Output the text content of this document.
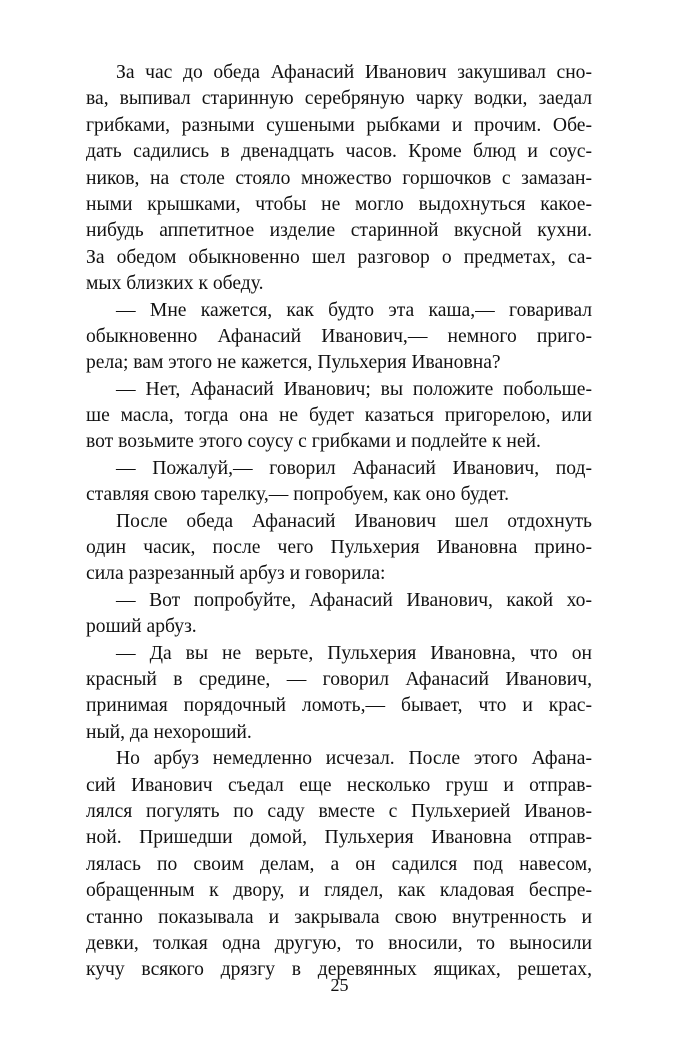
За час до обеда Афанасий Иванович закушивал сно-
ва, выпивал старинную серебряную чарку водки, заедал
грибками, разными сушеными рыбками и прочим. Обе-
дать садились в двенадцать часов. Кроме блюд и соус-
ников, на столе стояло множество горшочков с замазан-
ными крышками, чтобы не могло выдохнуться какое-
нибудь аппетитное изделие старинной вкусной кухни.
За обедом обыкновенно шел разговор о предметах, са-
мых близких к обеду.
— Мне кажется, как будто эта каша,— говаривал
обыкновенно Афанасий Иванович,— немного пригo-
рела; вам этого не кажется, Пульхерия Ивановна?
— Нет, Афанасий Иванович; вы положите побольше-
ше масла, тогда она не будет казаться пригорелою, или
вот возьмите этого соусу с грибками и подлейте к ней.
— Пожалуй,— говорил Афанасий Иванович, под-
ставляя свою тарелку,— попробуем, как оно будет.
После обеда Афанасий Иванович шел отдохнуть
один часик, после чего Пульхерия Ивановна прино-
сила разрезанный арбуз и говорила:
— Вот попробуйте, Афанасий Иванович, какой хо-
роший арбуз.
— Да вы не верьте, Пульхерия Ивановна, что он
красный в средине, — говорил Афанасий Иванович,
принимая порядочный ломоть,— бывает, что и крас-
ный, да нехороший.
Но арбуз немедленно исчезал. После этого Афана-
сий Иванович съедал еще несколько груш и отправ-
лялся погулять по саду вместе с Пульхерией Иванов-
ной. Пришедши домой, Пульхерия Ивановна отправ-
лялась по своим делам, а он садился под навесом,
обращенным к двору, и глядел, как кладовая беспре-
станно показывала и закрывала свою внутренность и
девки, толкая одна другую, то вносили, то выносили
кучу всякого дрязгу в деревянных ящиках, решетах,
25
